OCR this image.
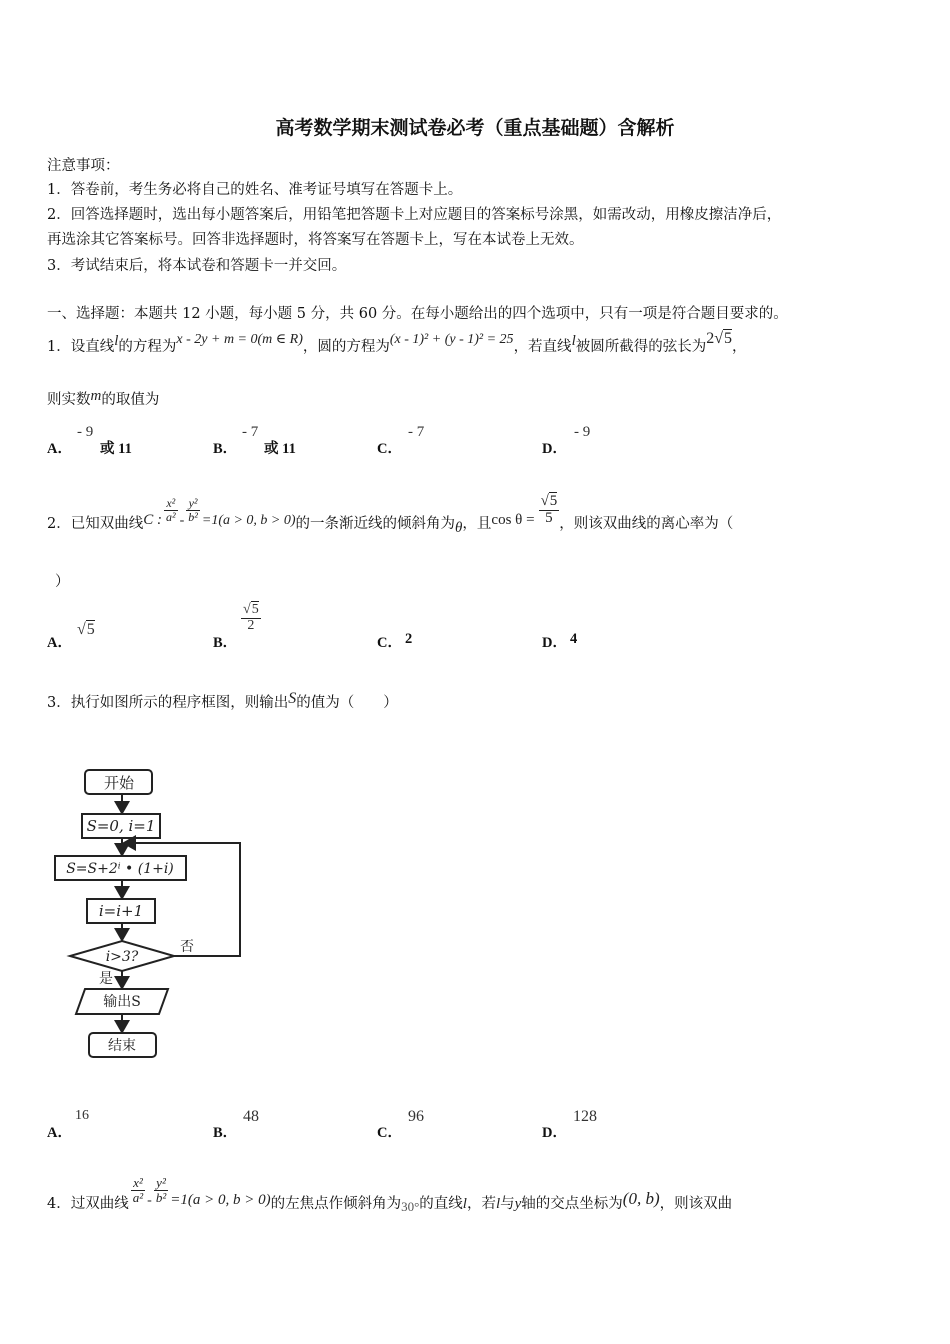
高考数学期末测试卷必考（重点基础题）含解析
注意事项：
1．答卷前，考生务必将自己的姓名、准考证号填写在答题卡上。
2．回答选择题时，选出每小题答案后，用铅笔把答题卡上对应题目的答案标号涂黑，如需改动，用橡皮擦洁净后，
再选涂其它答案标号。回答非选择题时，将答案写在答题卡上，写在本试卷上无效。
3．考试结束后，将本试卷和答题卡一并交回。
一、选择题：本题共 12 小题，每小题 5 分，共 60 分。在每小题给出的四个选项中，只有一项是符合题目要求的。
1．设直线l的方程为x - 2y + m = 0(m ∈ R)，圆的方程为(x - 1)² + (y - 1)² = 25，若直线l被圆所截得的弦长为2√5，
则实数m的取值为
A．
- 9
或 11	B．
- 7
或 11	C．
- 7
D．
- 9
2．已知双曲线C : $\frac{\text{x²}}{\text{a²}} - \frac{\text{y²}}{\text{b²}} =1(a > 0$, b > 0)的一条渐近线的倾斜角为θ，且$\cos \theta = \frac{√5}{5}$ ，则该双曲线的离心率为（
）
A．
√5
B．
$\frac{√5}{2}$
C． 2	D． 4
3．执行如图所示的程序框图，则输出S的值为（　　）
开始
S=0, i=1
S=S+2ⁱ • (1+i)
i=i+1
i>3?
否
是
输出S
结束
A．
16
B．
48
C．
96
D．
128
4．过双曲线 $\frac{\text{x²}}{\text{a²}} - \frac{\text{y²}}{\text{b²}} =1(a > 0$, b > 0)的左焦点作倾斜角为30°的直线l，若l与y轴的交点坐标为(0, b)，则该双曲
